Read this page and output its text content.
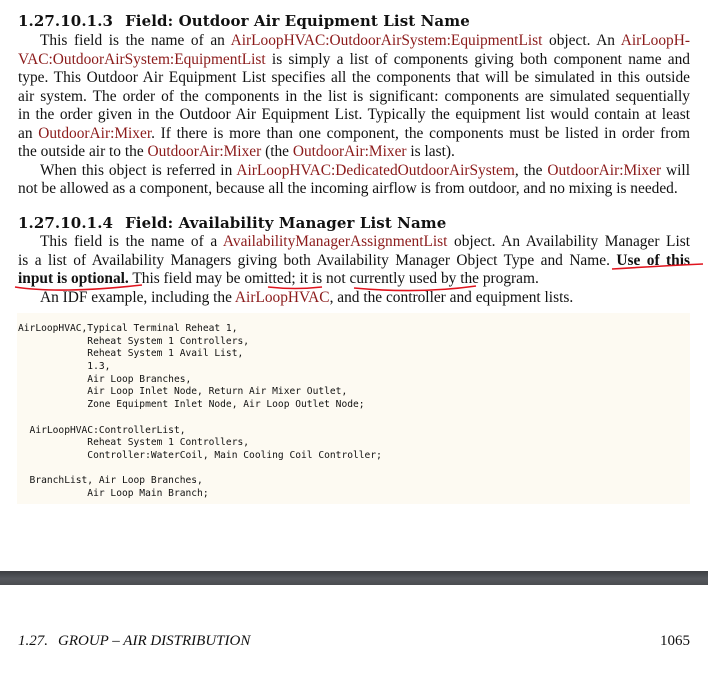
1.27.10.1.3 Field: Outdoor Air Equipment List Name
This field is the name of an AirLoopHVAC:OutdoorAirSystem:EquipmentList object. An AirLoopH-
VAC:OutdoorAirSystem:EquipmentList is simply a list of components giving both component name and
type. This Outdoor Air Equipment List specifies all the components that will be simulated in this outside
air system. The order of the components in the list is significant: components are simulated sequentially
in the order given in the Outdoor Air Equipment List. Typically the equipment list would contain at least
an OutdoorAir:Mixer. If there is more than one component, the components must be listed in order from
the outside air to the OutdoorAir:Mixer (the OutdoorAir:Mixer is last).
When this object is referred in AirLoopHVAC:DedicatedOutdoorAirSystem, the OutdoorAir:Mixer will
not be allowed as a component, because all the incoming airflow is from outdoor, and no mixing is needed.
1.27.10.1.4 Field: Availability Manager List Name
This field is the name of a AvailabilityManagerAssignmentList object. An Availability Manager List
is a list of Availability Managers giving both Availability Manager Object Type and Name. Use of this
input is optional. This field may be omitted; it is not currently used by the program.
An IDF example, including the AirLoopHVAC, and the controller and equipment lists.
AirLoopHVAC,Typical Terminal Reheat 1,
Reheat System 1 Controllers,
Reheat System 1 Avail List,
1.3,
Air Loop Branches,
Air Loop Inlet Node, Return Air Mixer Outlet,
Zone Equipment Inlet Node, Air Loop Outlet Node;
AirLoopHVAC:ControllerList,
Reheat System 1 Controllers,
Controller:WaterCoil, Main Cooling Coil Controller;
BranchList, Air Loop Branches,
Air Loop Main Branch;
1.27. GROUP – AIR DISTRIBUTION	1065
